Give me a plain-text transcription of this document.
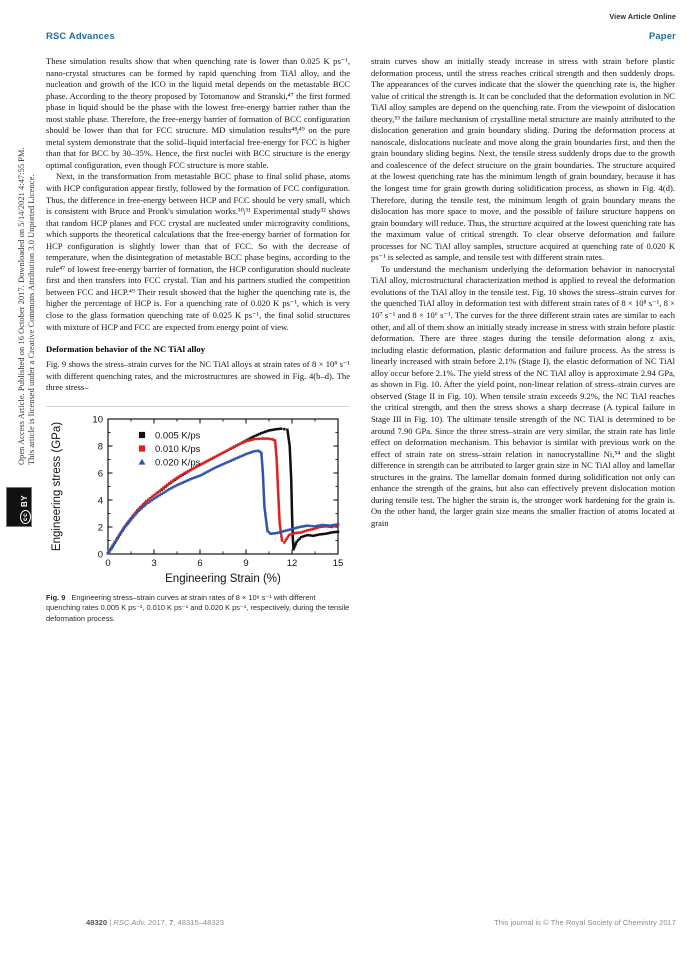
Open Access Article. Published on 16 October 2017. Downloaded on 5/14/2021 4:47:55 PM. This article is licensed under a Creative Commons Attribution 3.0 Unported Licence.
cc BY
View Article Online
RSC Advances	Paper

These simulation results show that when quenching rate is lower than 0.025 K ps⁻¹, nano-crystal structures can be formed by rapid quenching from TiAl alloy, and the nucleation and growth of the ICO in the liquid metal depends on the metastable BCC phase. According to the theory proposed by Totomanow and Stranski,⁴⁷ the first formed phase in liquid should be the phase with the lowest free-energy barrier rather than the most stable phase. Therefore, the free-energy barrier of formation of BCC configuration should be lower than that for FCC structure. MD simulation results⁴⁸ⱼ⁴⁹ on the pure metal system demonstrate that the solid–liquid interfacial free-energy for FCC is higher than that for BCC by 30–35%. Hence, the first nuclei with BCC structure is the energy optimal configuration, even though FCC structure is more stable.

Next, in the transformation from metastable BCC phase to final solid phase, atoms with HCP configuration appear firstly, followed by the formation of FCC configuration. Thus, the difference in free-energy between HCP and FCC should be very small, which is consistent with Bruce and Pronk's simulation works.³⁰ⱼ³¹ Experimental study³² shows that random HCP planes and FCC crystal are nucleated under microgravity conditions, which supports the theoretical calculations that the free-energy barrier of formation for HCP configuration is slightly lower than that of FCC. So with the decrease of temperature, when the disintegration of metastable BCC phase begins, according to the rule⁴⁷ of lowest free-energy barrier of formation, the HCP configuration should nucleate first and then transfers into FCC crystal. Tian and his partners studied the competition between FCC and HCP.⁴⁹ Their result showed that the higher the quenching rate is, the higher the percentage of HCP is. For a quenching rate of 0.020 K ps⁻¹, which is very close to the glass formation quenching rate of 0.025 K ps⁻¹, the final solid structures with mixture of HCP and FCC are expected from energy point of view.

Deformation behavior of the NC TiAl alloy

Fig. 9 shows the stress–strain curves for the NC TiAl alloys at strain rates of 8 × 10⁸ s⁻¹ with different quenching rates, and the microstructures are showed in Fig. 4(b–d). The three stress–

0	3	6	9	12	15
0
2
4
6
8
10
Engineering Strain (%)
Engineering stress (GPa)	0.005 K/ps
0.010 K/ps
0.020 K/ps
Fig. 9 Engineering stress–strain curves at strain rates of 8 × 10⁸ s⁻¹ with different quenching rates 0.005 K ps⁻¹, 0.010 K ps⁻¹ and 0.020 K ps⁻¹, respectively, during the tensile deformation process.

strain curves show an initially steady increase in stress with strain before plastic deformation process, until the stress reaches critical strength and then suddenly drops. The appearances of the curves indicate that the slower the quenching rate is, the higher value of critical the strength is. It can be concluded that the deformation evolution in NC TiAl alloy samples are depend on the quenching rate. From the viewpoint of dislocation theory,⁵³ the failure mechanism of crystalline metal structure are mainly attributed to the dislocation generation and grain boundary sliding. During the deformation process at nanoscale, dislocations nucleate and move along the grain boundaries first, and then the grain boundary sliding begins. Next, the tensile stress suddenly drops due to the growth and coalescence of the defect structure on the grain boundaries. The structure acquired at the lowest quenching rate has the minimum length of grain boundary, because it has the longest time for grain growth during solidification process, as shown in Fig. 4(d). Therefore, during the tensile test, the minimum length of grain boundary means the dislocation has more space to move, and the possible of failure structure happens on grain boundary will reduce. Thus, the structure acquired at the lowest quenching rate has the maximum value of critical strength. To clear observe deformation and failure processes for NC TiAl alloy samples, structure acquired at quenching rate of 0.020 K ps⁻¹ is selected as sample, and tensile test with different strain rates.

To understand the mechanism underlying the deformation behavior in nanocrystal TiAl alloy, microstructural characterization method is applied to reveal the deformation evolutions of the TiAl alloy in the tensile test. Fig. 10 shows the stress–strain curves for the quenched TiAl alloy in deformation test with different strain rates of 8 × 10⁸ s⁻¹, 8 × 10⁷ s⁻¹ and 8 × 10⁶ s⁻¹. The curves for the three different strain rates are similar to each other, and all of them show an initially steady increase in stress with strain before plastic deformation. There are three stages during the tensile deformation along z axis, including elastic deformation, plastic deformation and failure process. As the stress is linearly increased with strain before 2.1% (Stage I), the elastic deformation of NC TiAl alloy occur before 2.1%. The yield stress of the NC TiAl alloy is approximate 2.94 GPa, as shown in Fig. 10. After the yield point, non-linear relation of stress–strain curves are observed (Stage II in Fig. 10). When tensile strain exceeds 9.2%, the NC TiAl reaches the critical strength, and then the stress shows a sharp decrease (A typical failure in Stage III in Fig. 10). The ultimate tensile strength of the NC TiAl is determined to be around 7.90 GPa. Since the three stress–strain are very similar, the strain rate has little effect on deformation mechanism. This behavior is similar with previous work on the effect of strain rate on stress–strain relation in nanocrystalline Ni,⁵⁴ and the slight difference in strength can be attributed to larger grain size in NC TiAl alloy and lamellar structures in the grains. The lamellar domain formed during solidification not only can enhance the strength of the grains, but also can effectively prevent dislocation motion during tensile test. The higher the strain is, the stronger work hardening for the grain is. On the other hand, the larger grain size means the smaller fraction of atoms located at grain

48320 | RSC Adv. 2017, 7, 48315–48323	This journal is © The Royal Society of Chemistry 2017
